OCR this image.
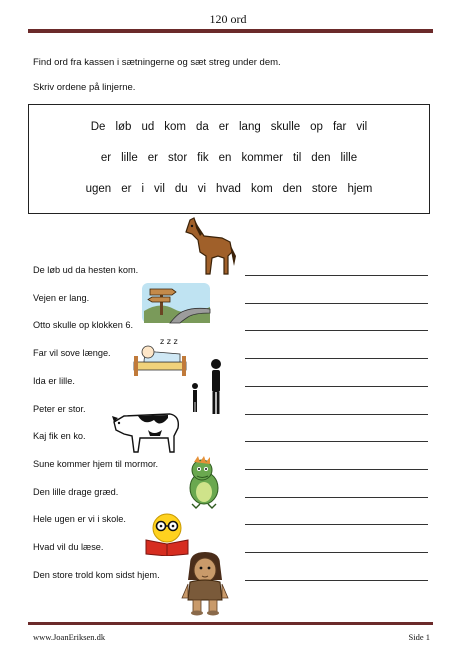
120 ord
Find ord fra kassen i sætningerne og sæt streg under dem.
Skriv ordene på linjerne.
De løb ud kom da er lang skulle op far vil
er lille er stor fik en kommer til den lille
ugen er i vil du vi hvad kom den store hjem
De løb ud da hesten kom.
Vejen er lang.
Otto skulle op klokken 6.
Far vil sove længe.
Ida er lille.
Peter er stor.
Kaj fik en ko.
Sune kommer hjem til mormor.
Den lille drage græd.
Hele ugen er vi i skole.
Hvad vil du læse.
Den store trold kom sidst hjem.
z z z
www.JoanEriksen.dk	Side 1
